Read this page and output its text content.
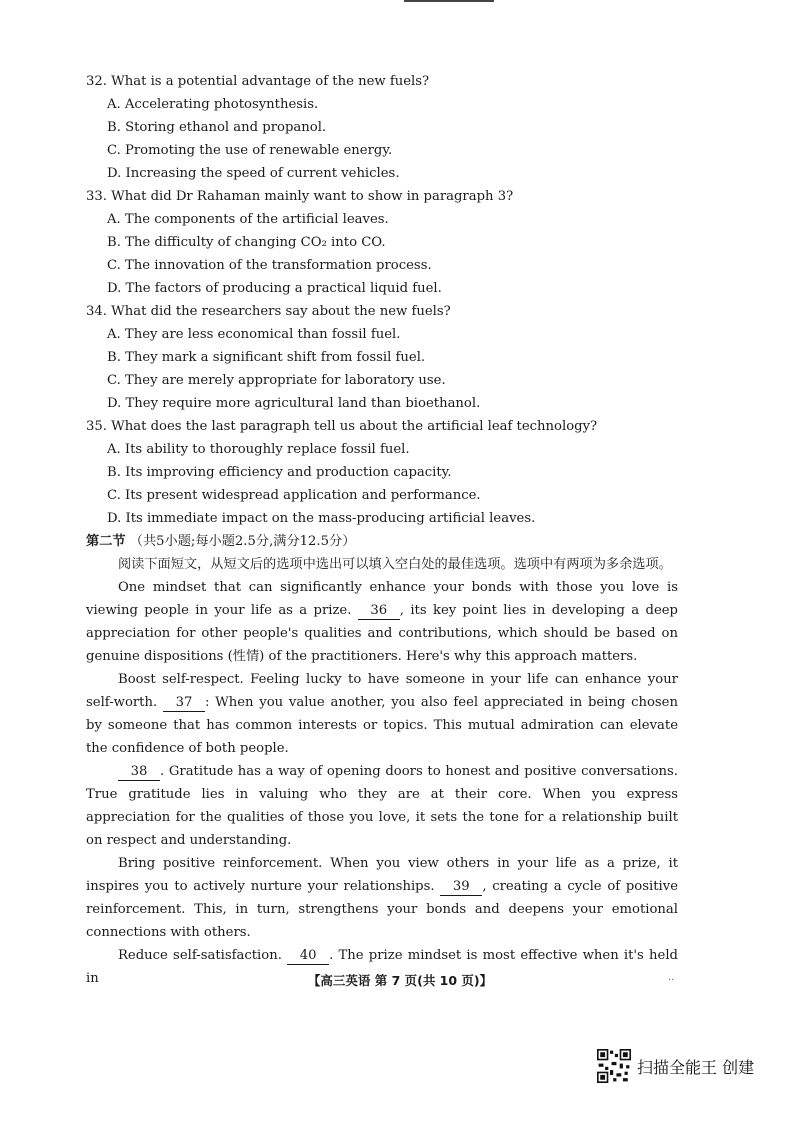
32. What is a potential advantage of the new fuels?
A. Accelerating photosynthesis.
B. Storing ethanol and propanol.
C. Promoting the use of renewable energy.
D. Increasing the speed of current vehicles.
33. What did Dr Rahaman mainly want to show in paragraph 3?
A. The components of the artificial leaves.
B. The difficulty of changing CO₂ into CO.
C. The innovation of the transformation process.
D. The factors of producing a practical liquid fuel.
34. What did the researchers say about the new fuels?
A. They are less economical than fossil fuel.
B. They mark a significant shift from fossil fuel.
C. They are merely appropriate for laboratory use.
D. They require more agricultural land than bioethanol.
35. What does the last paragraph tell us about the artificial leaf technology?
A. Its ability to thoroughly replace fossil fuel.
B. Its improving efficiency and production capacity.
C. Its present widespread application and performance.
D. Its immediate impact on the mass-producing artificial leaves.
第二节 （共5小题;每小题2.5分,满分12.5分）

阅读下面短文，从短文后的选项中选出可以填入空白处的最佳选项。选项中有两项为多余选项。

One mindset that can significantly enhance your bonds with those you love is viewing people in your life as a prize. 36 , its key point lies in developing a deep appreciation for other people's qualities and contributions, which should be based on genuine dispositions (性情) of the practitioners. Here's why this approach matters.

Boost self-respect. Feeling lucky to have someone in your life can enhance your self-worth. 37 : When you value another, you also feel appreciated in being chosen by someone that has common interests or topics. This mutual admiration can elevate the confidence of both people.

38 . Gratitude has a way of opening doors to honest and positive conversations. True gratitude lies in valuing who they are at their core. When you express appreciation for the qualities of those you love, it sets the tone for a relationship built on respect and understanding.

Bring positive reinforcement. When you view others in your life as a prize, it inspires you to actively nurture your relationships. 39 , creating a cycle of positive reinforcement. This, in turn, strengthens your bonds and deepens your emotional connections with others.

Reduce self-satisfaction. 40 . The prize mindset is most effective when it's held in	【高三英语 第 7 页(共 10 页)】	··
扫描全能王 创建
